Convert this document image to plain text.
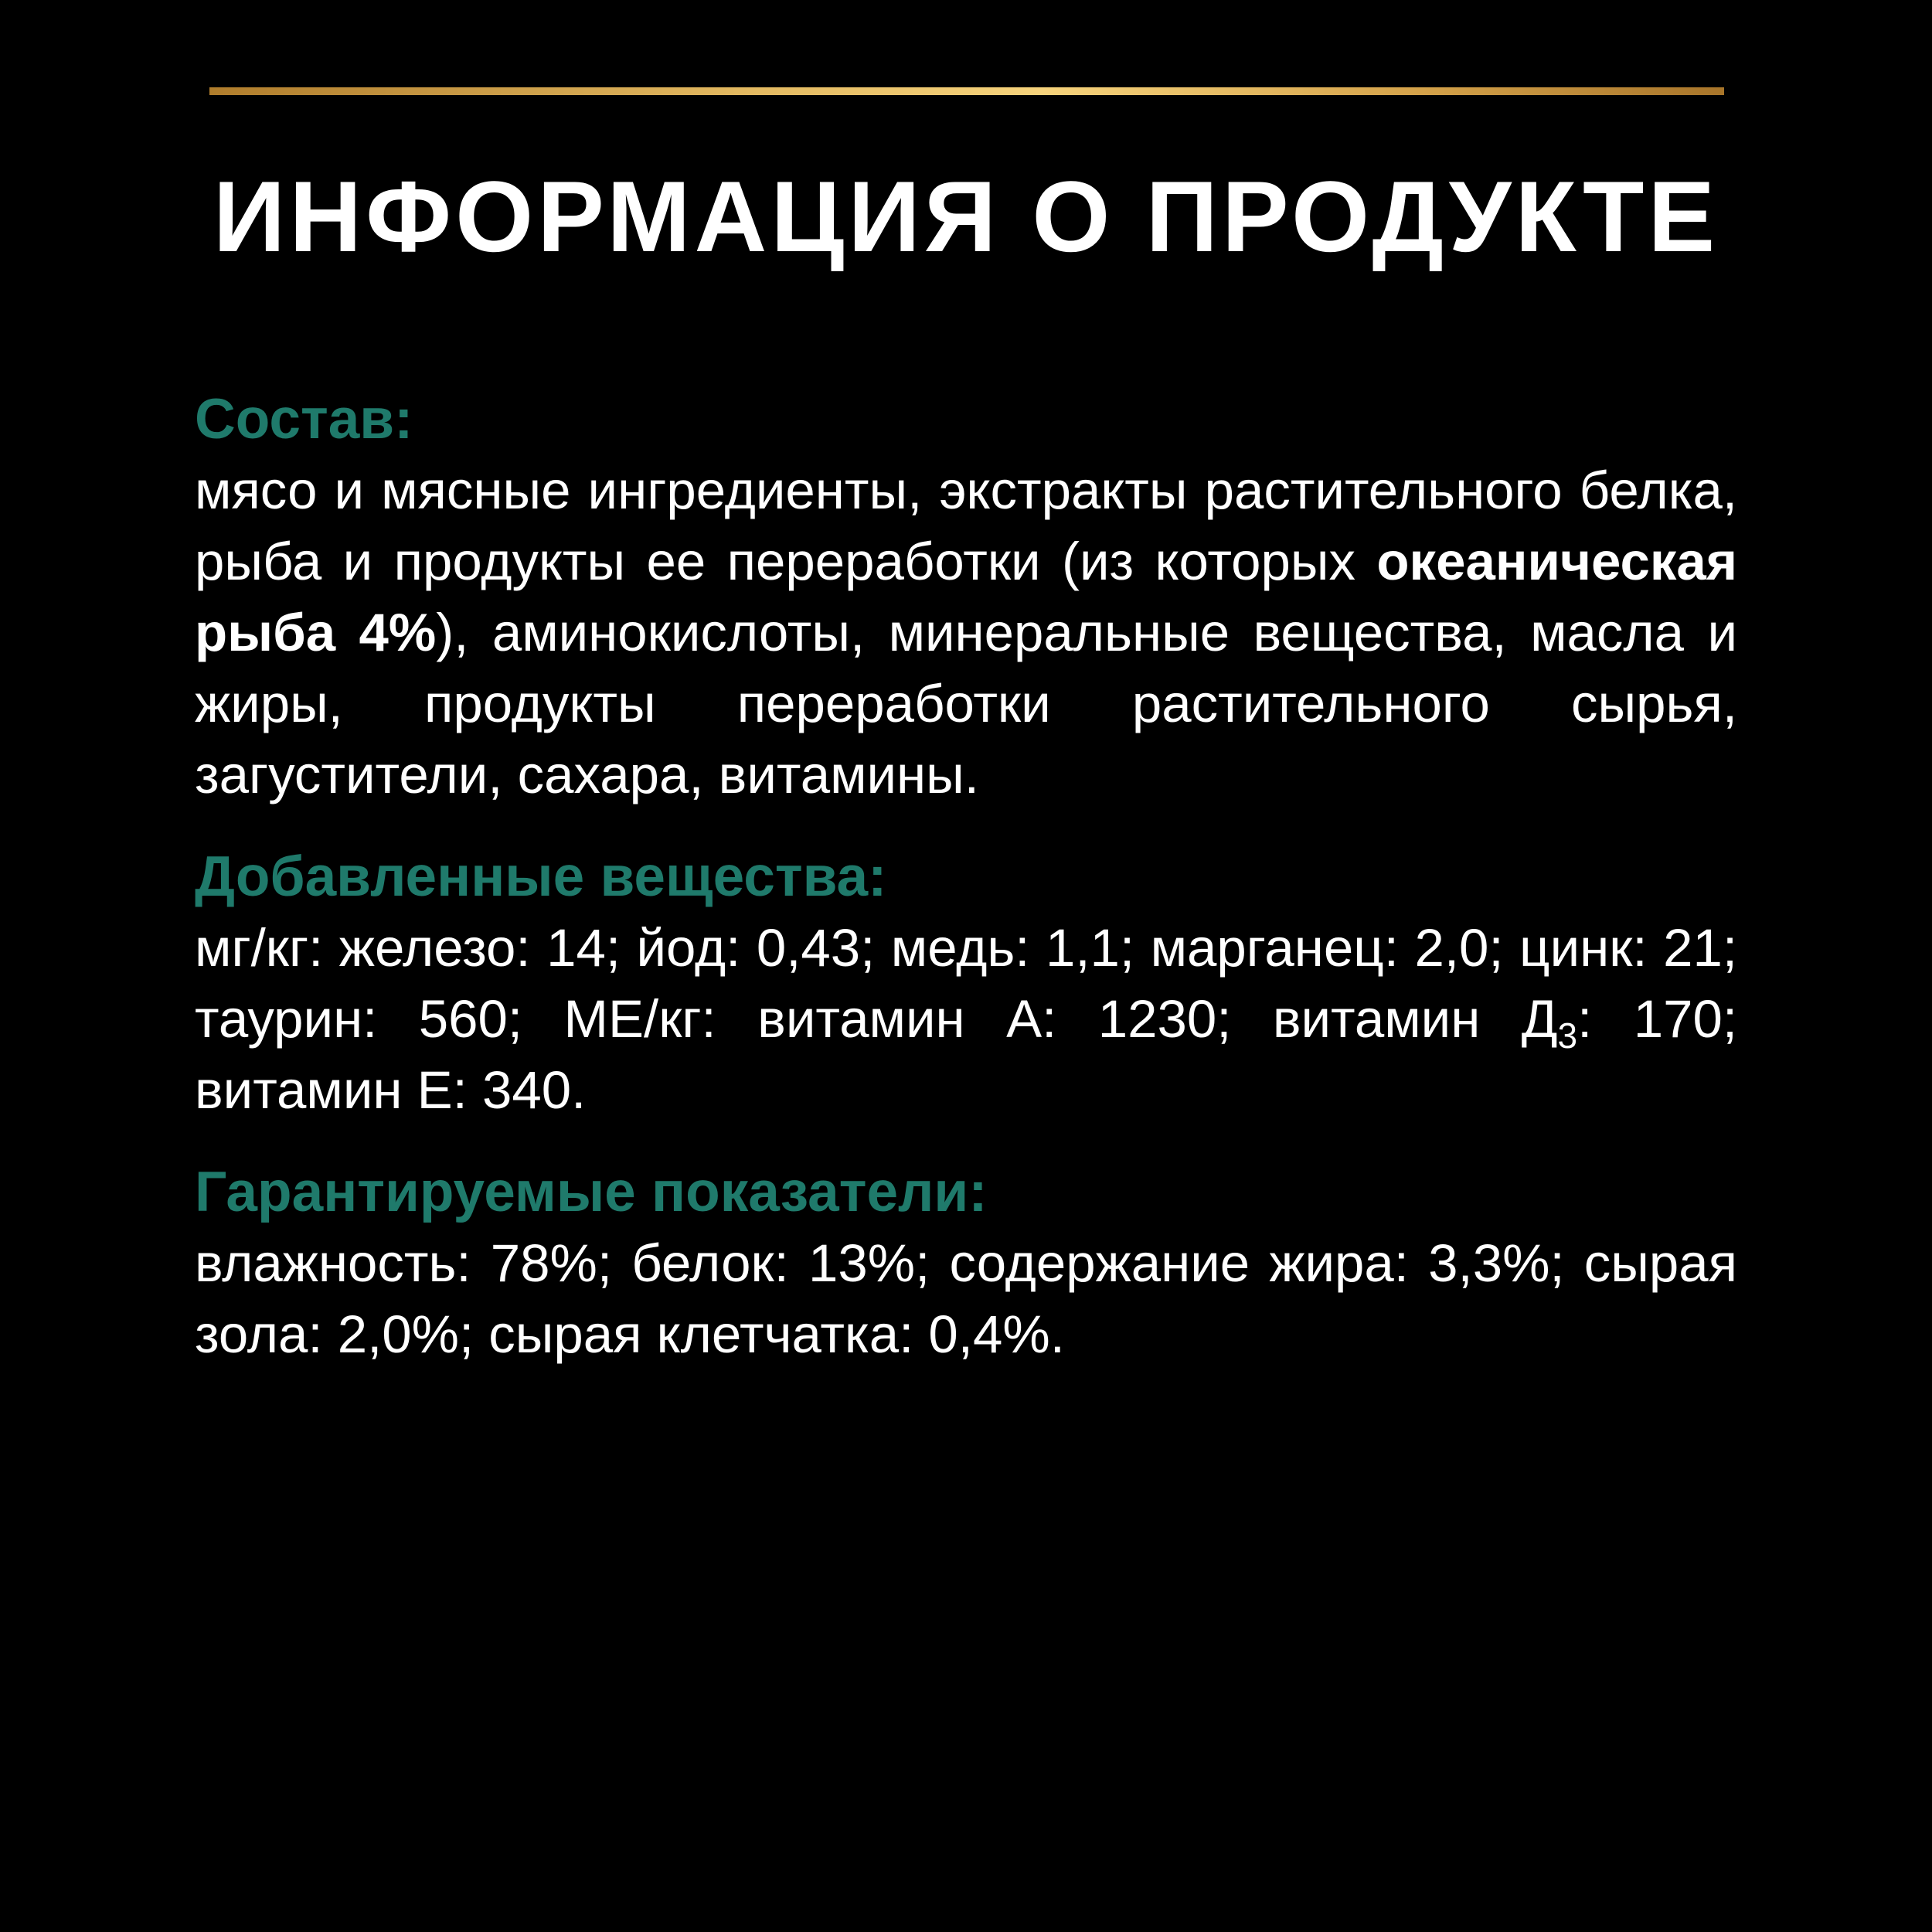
ИНФОРМАЦИЯ О ПРОДУКТЕ

Состав:

мясо и мясные ингредиенты, экстракты растительного белка, рыба и продукты ее переработки (из которых океаническая рыба 4%), аминокислоты, минеральные вещества, масла и жиры, продукты переработки растительного сырья, загустители, сахара, витамины.

Добавленные вещества:

мг/кг: железо: 14; йод: 0,43; медь: 1,1; марганец: 2,0; цинк: 21; таурин: 560; МЕ/кг: витамин А: 1230; витамин $Д_3$: 170; витамин Е: 340.

Гарантируемые показатели:

влажность: 78%; белок: 13%; содержание жира: 3,3%; сырая зола: 2,0%; сырая клетчатка: 0,4%.
